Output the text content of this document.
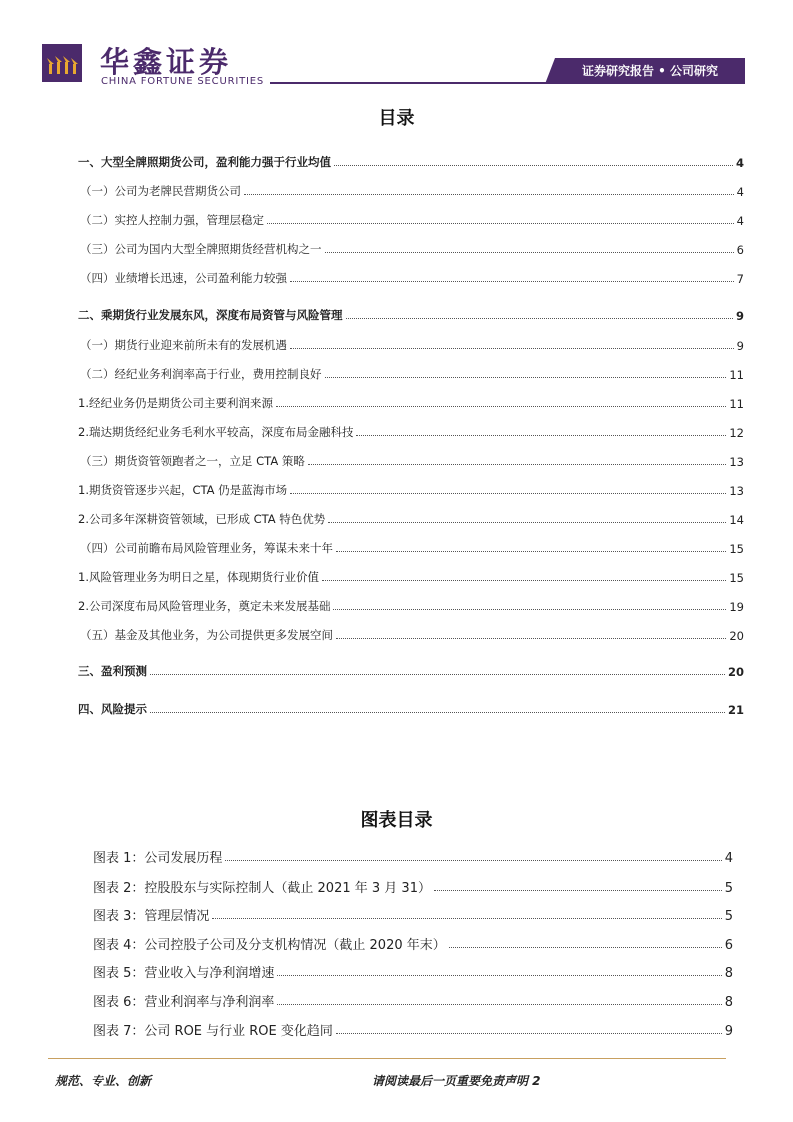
华鑫证券
CHINA FORTUNE SECURITIES
证券研究报告 • 公司研究
目录
一、大型全牌照期货公司，盈利能力强于行业均值	4
（一）公司为老牌民营期货公司	4
（二）实控人控制力强，管理层稳定	4
（三）公司为国内大型全牌照期货经营机构之一	6
（四）业绩增长迅速，公司盈利能力较强	7
二、乘期货行业发展东风，深度布局资管与风险管理	9
（一）期货行业迎来前所未有的发展机遇	9
（二）经纪业务利润率高于行业，费用控制良好	11
1.经纪业务仍是期货公司主要利润来源	11
2.瑞达期货经纪业务毛利水平较高，深度布局金融科技	12
（三）期货资管领跑者之一，立足 CTA 策略	13
1.期货资管逐步兴起，CTA 仍是蓝海市场	13
2.公司多年深耕资管领域，已形成 CTA 特色优势	14
（四）公司前瞻布局风险管理业务，筹谋未来十年	15
1.风险管理业务为明日之星，体现期货行业价值	15
2.公司深度布局风险管理业务，奠定未来发展基础	19
（五）基金及其他业务，为公司提供更多发展空间	20
三、盈利预测	20
四、风险提示	21
图表目录
图表 1：公司发展历程	4
图表 2：控股股东与实际控制人（截止 2021 年 3 月 31）	5
图表 3：管理层情况	5
图表 4：公司控股子公司及分支机构情况（截止 2020 年末）	6
图表 5：营业收入与净利润增速	8
图表 6：营业利润率与净利润率	8
图表 7：公司 ROE 与行业 ROE 变化趋同	9
规范、专业、创新	请阅读最后一页重要免责声明 2
